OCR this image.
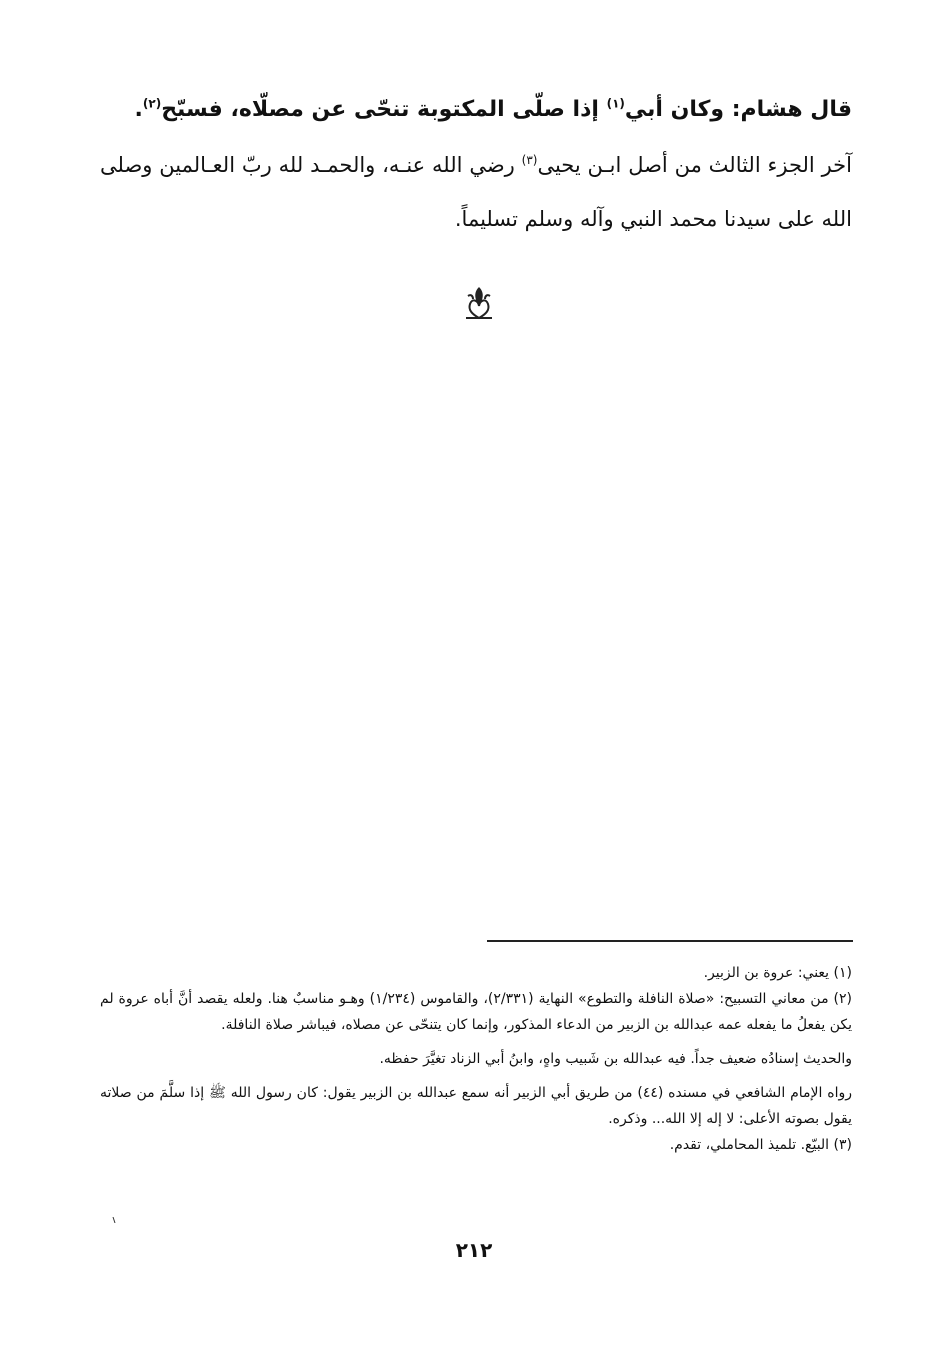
قال هشام: وكان أبي$^{(١)}$ إذا صلّى المكتوبة تنحّى عن مصلّاه، فسبّح$^{(٢)}$.

آخر الجزء الثالث من أصل ابـن يحيى$^{(٣)}$ رضي الله عنـه، والحمـد لله ربّ العـالمين وصلى الله على سيدنا محمد النبي وآله وسلم تسليماً.

(١) يعني: عروة بن الزبير.

(٢) من معاني التسبيح: «صلاة النافلة والتطوع» النهاية (٢/٣٣١)، والقاموس (١/٢٣٤) وهـو مناسبٌ هنا. ولعله يقصد أنَّ أباه عروة لم يكن يفعلُ ما يفعله عمه عبدالله بن الزبير من الدعاء المذكور، وإنما كان يتنحّى عن مصلاه، فيباشر صلاة النافلة.

والحديث إسنادُه ضعيف جداً. فيه عبدالله بن شَبيب واهٍ، وابنُ أبي الزناد تغيَّرَ حفظه.

رواه الإمام الشافعي في مسنده (٤٤) من طريق أبي الزبير أنه سمع عبدالله بن الزبير يقول: كان رسول الله ﷺ إذا سلَّمَ من صلاته يقول بصوته الأعلى: لا إله إلا الله... وذكره.

(٣) البيّع. تلميذ المحاملي، تقدم.

٢١٢
